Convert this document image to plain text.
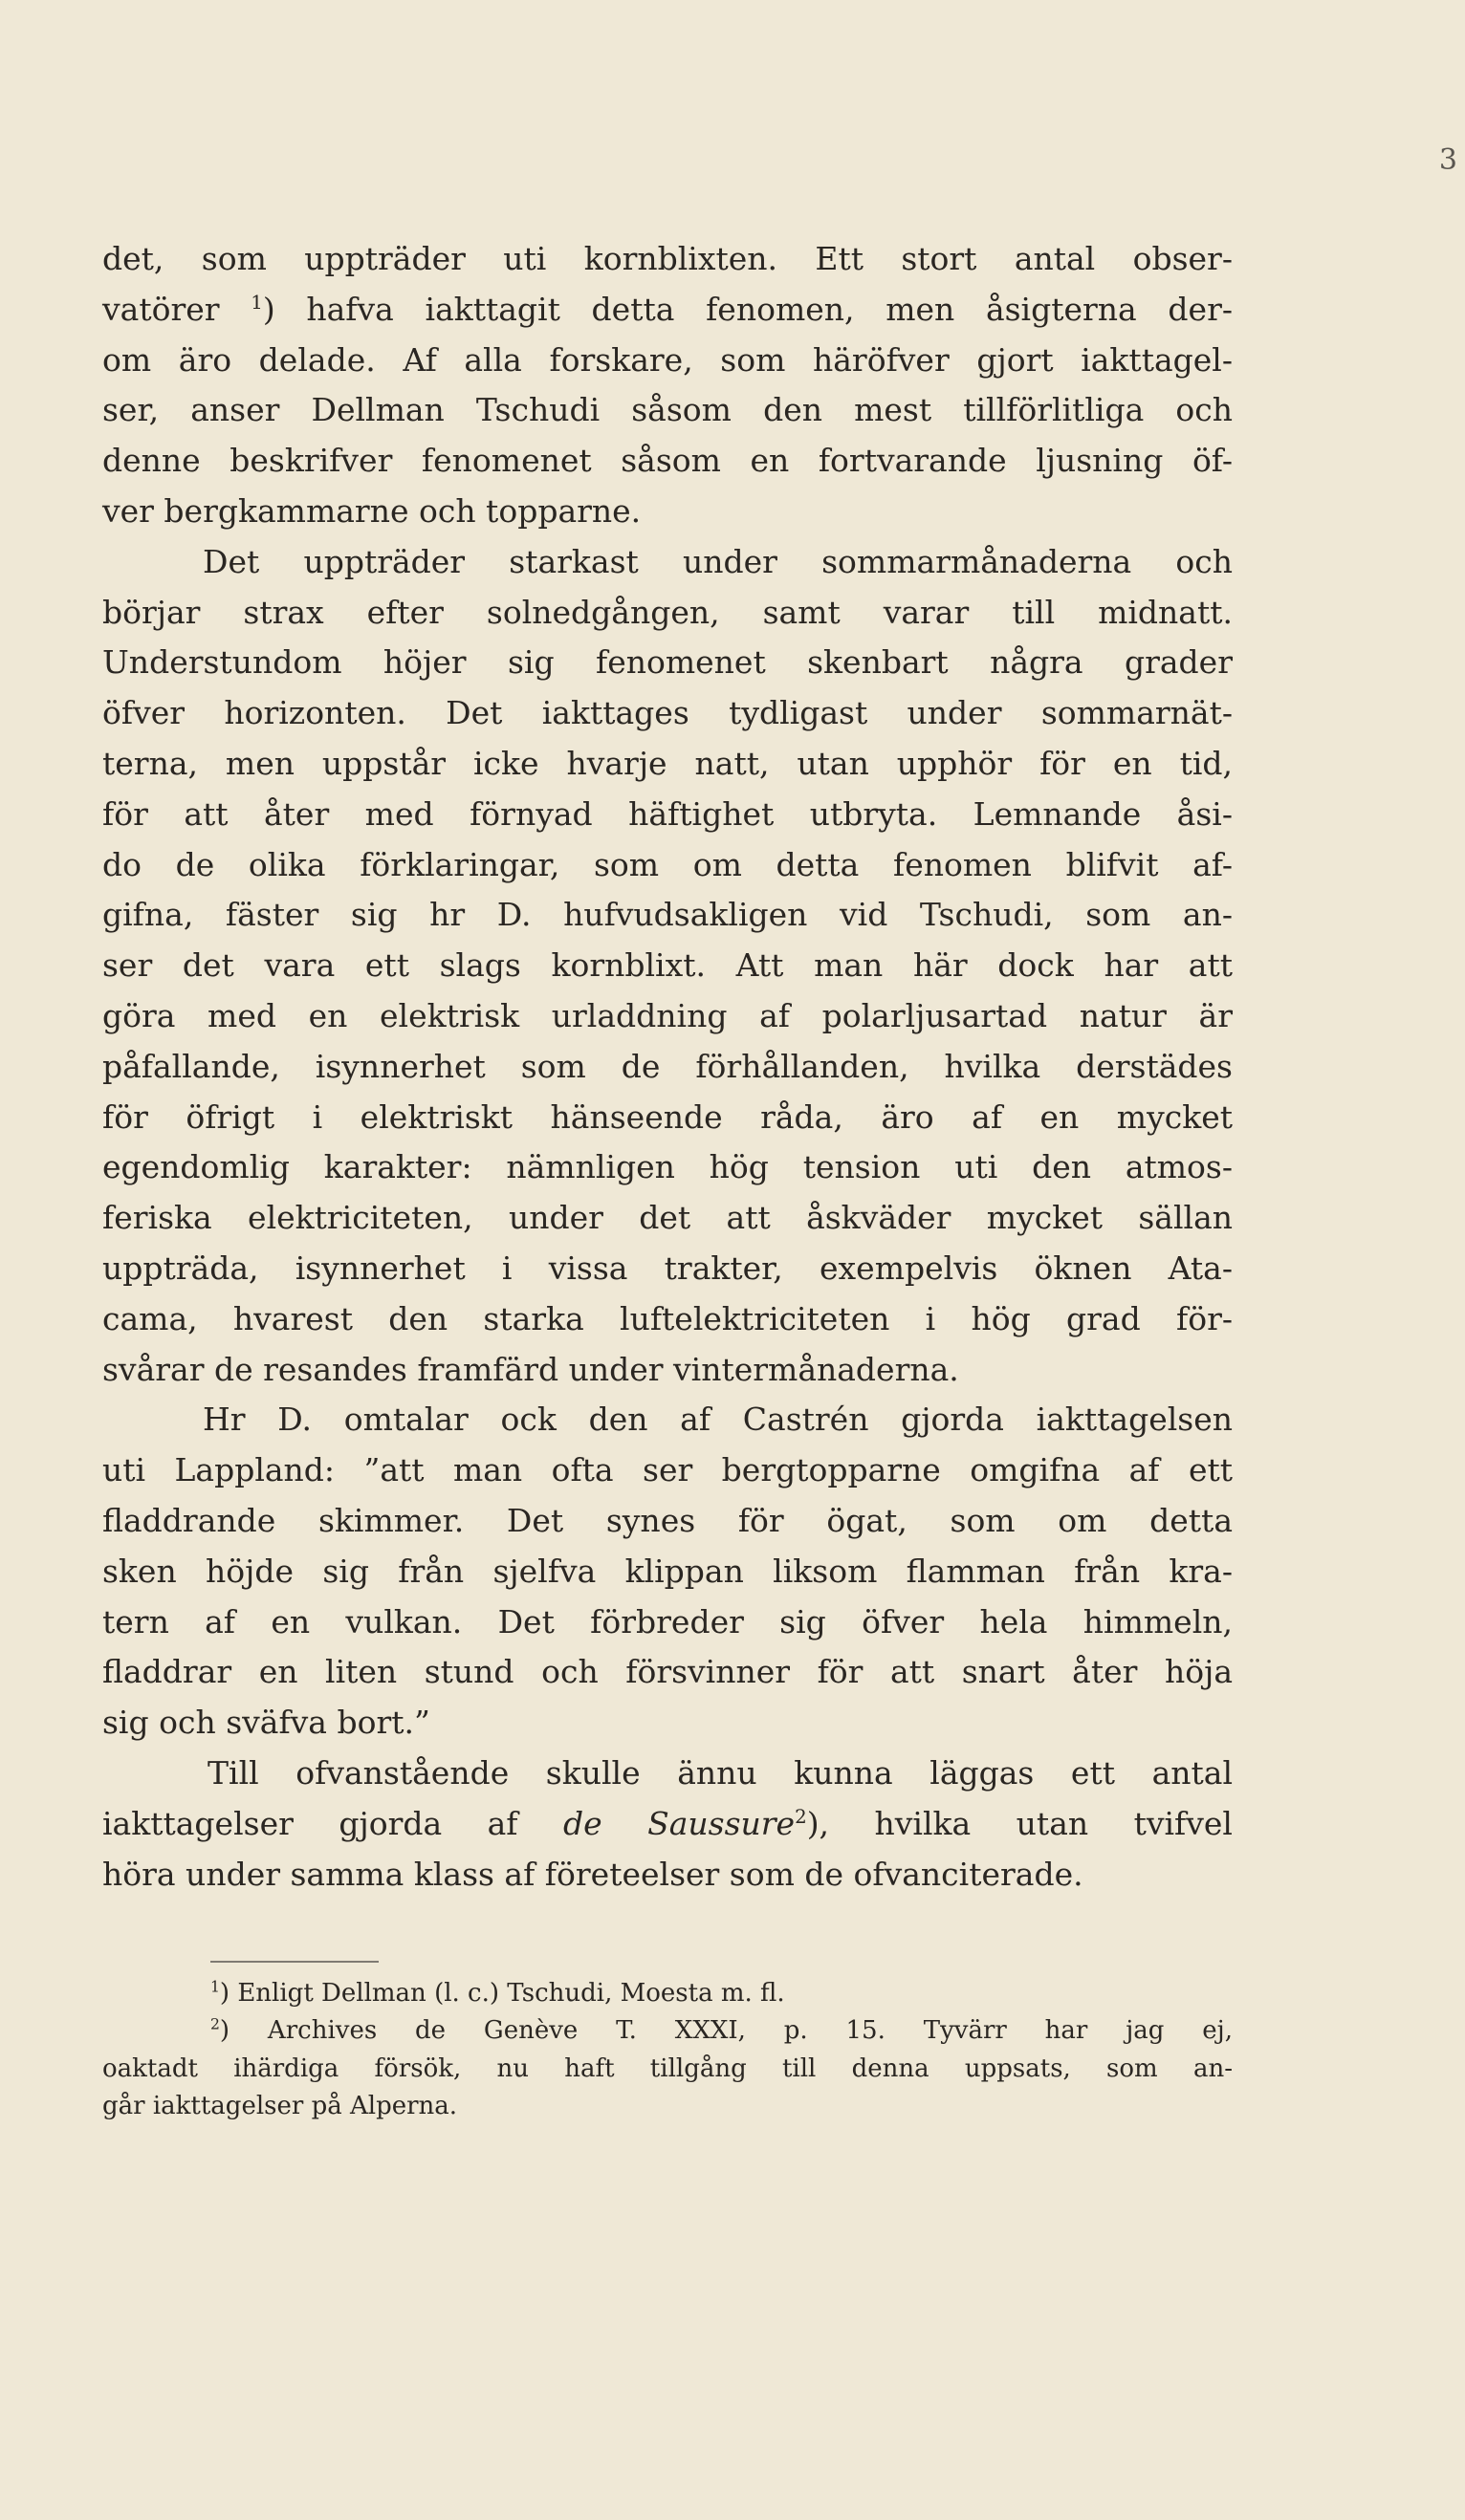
3
det, som uppträder uti kornblixten. Ett stort antal obser-
vatörer $^1$) hafva iakttagit detta fenomen, men åsigterna der-
om äro delade. Af alla forskare, som häröfver gjort iakttagel-
ser, anser Dellman Tschudi såsom den mest tillförlitliga och
denne beskrifver fenomenet såsom en fortvarande ljusning öf-
ver bergkammarne och topparne.
Det uppträder starkast under sommarmånaderna och
börjar strax efter solnedgången, samt varar till midnatt.
Understundom höjer sig fenomenet skenbart några grader
öfver horizonten. Det iakttages tydligast under sommarnät-
terna, men uppstår icke hvarje natt, utan upphör för en tid,
för att åter med förnyad häftighet utbryta. Lemnande åsi-
do de olika förklaringar, som om detta fenomen blifvit af-
gifna, fäster sig hr D. hufvudsakligen vid Tschudi, som an-
ser det vara ett slags kornblixt. Att man här dock har att
göra med en elektrisk urladdning af polarljusartad natur är
påfallande, isynnerhet som de förhållanden, hvilka derstädes
för öfrigt i elektriskt hänseende råda, äro af en mycket
egendomlig karakter: nämnligen hög tension uti den atmos-
feriska elektriciteten, under det att åskväder mycket sällan
uppträda, isynnerhet i vissa trakter, exempelvis öknen Ata-
cama, hvarest den starka luftelektriciteten i hög grad för-
svårar de resandes framfärd under vintermånaderna.
Hr D. omtalar ock den af Castrén gjorda iakttagelsen
uti Lappland: ”att man ofta ser bergtopparne omgifna af ett
fladdrande skimmer. Det synes för ögat, som om detta
sken höjde sig från sjelfva klippan liksom flamman från kra-
tern af en vulkan. Det förbreder sig öfver hela himmeln,
fladdrar en liten stund och försvinner för att snart åter höja
sig och sväfva bort.”
Till ofvanstående skulle ännu kunna läggas ett antal
iakttagelser gjorda af de Saussure$^2$), hvilka utan tvifvel
höra under samma klass af företeelser som de ofvanciterade.
$^1$) Enligt Dellman (l. c.) Tschudi, Moesta m. fl.
$^2$) Archives de Genève T. XXXI, p. 15. Tyvärr har jag ej,
oaktadt ihärdiga försök, nu haft tillgång till denna uppsats, som an-
går iakttagelser på Alperna.
